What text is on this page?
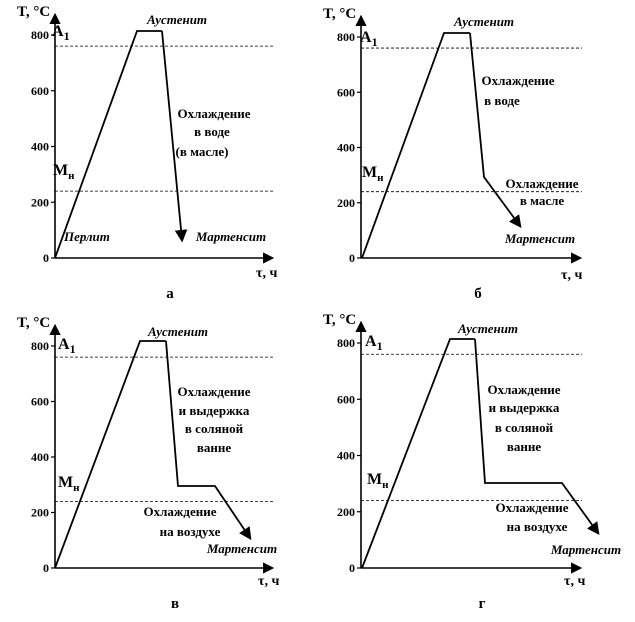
800
600
400
200
0
T, °C
τ, ч
$A_1$
$M_н$
Аустенит
Перлит
Охлаждение
в воде
(в масле)
Мартенсит
а
800
600
400
200
0
T, °C
τ, ч
$A_1$
$M_н$
Аустенит
Охлаждение
в воде
Охлаждение
в масле
Мартенсит
б
800
600
400
200
0
T, °C
τ, ч
$A_1$
$M_н$
Аустенит
Охлаждение
и выдержка
в соляной
ванне
Охлаждение
на воздухе
Мартенсит
в
800
600
400
200
0
T, °C
τ, ч
$A_1$
$M_н$
Аустенит
Охлаждение
и выдержка
в соляной
ванне
Охлаждение
на воздухе
Мартенсит
г
